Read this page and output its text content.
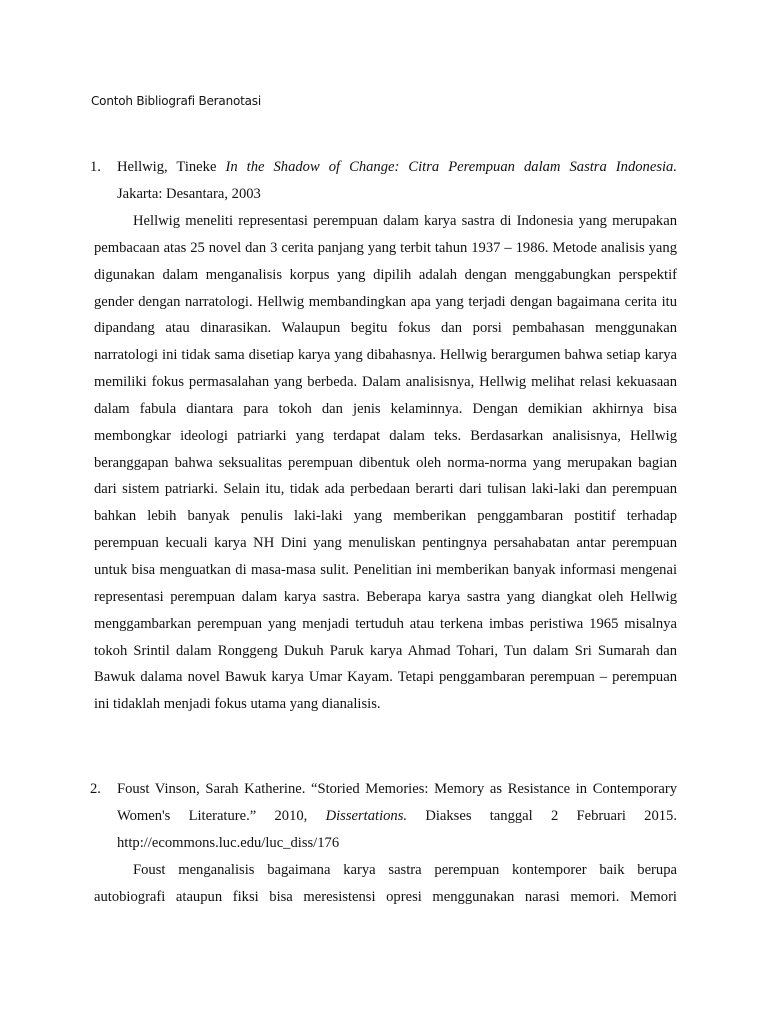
Contoh Bibliografi Beranotasi
1. Hellwig, Tineke In the Shadow of Change: Citra Perempuan dalam Sastra Indonesia.
Jakarta: Desantara, 2003
Hellwig meneliti representasi perempuan dalam karya sastra di Indonesia yang merupakan pembacaan atas 25 novel dan 3 cerita panjang yang terbit tahun 1937 – 1986. Metode analisis yang digunakan dalam menganalisis korpus yang dipilih adalah dengan menggabungkan perspektif gender dengan narratologi. Hellwig membandingkan apa yang terjadi dengan bagaimana cerita itu dipandang atau dinarasikan. Walaupun begitu fokus dan porsi pembahasan menggunakan narratologi ini tidak sama disetiap karya yang dibahasnya. Hellwig berargumen bahwa setiap karya memiliki fokus permasalahan yang berbeda. Dalam analisisnya, Hellwig melihat relasi kekuasaan dalam fabula diantara para tokoh dan jenis kelaminnya. Dengan demikian akhirnya bisa membongkar ideologi patriarki yang terdapat dalam teks. Berdasarkan analisisnya, Hellwig beranggapan bahwa seksualitas perempuan dibentuk oleh norma-norma yang merupakan bagian dari sistem patriarki. Selain itu, tidak ada perbedaan berarti dari tulisan laki-laki dan perempuan bahkan lebih banyak penulis laki-laki yang memberikan penggambaran postitif terhadap perempuan kecuali karya NH Dini yang menuliskan pentingnya persahabatan antar perempuan untuk bisa menguatkan di masa-masa sulit. Penelitian ini memberikan banyak informasi mengenai representasi perempuan dalam karya sastra. Beberapa karya sastra yang diangkat oleh Hellwig menggambarkan perempuan yang menjadi tertuduh atau terkena imbas peristiwa 1965 misalnya tokoh Srintil dalam Ronggeng Dukuh Paruk karya Ahmad Tohari, Tun dalam Sri Sumarah dan Bawuk dalama novel Bawuk karya Umar Kayam. Tetapi penggambaran perempuan – perempuan ini tidaklah menjadi fokus utama yang dianalisis.
2. Foust Vinson, Sarah Katherine. “Storied Memories: Memory as Resistance in Contemporary Women's Literature.” 2010, Dissertations. Diakses tanggal 2 Februari 2015.
http://ecommons.luc.edu/luc_diss/176
Foust menganalisis bagaimana karya sastra perempuan kontemporer baik berupa autobiografi ataupun fiksi bisa meresistensi opresi menggunakan narasi memori. Memori
